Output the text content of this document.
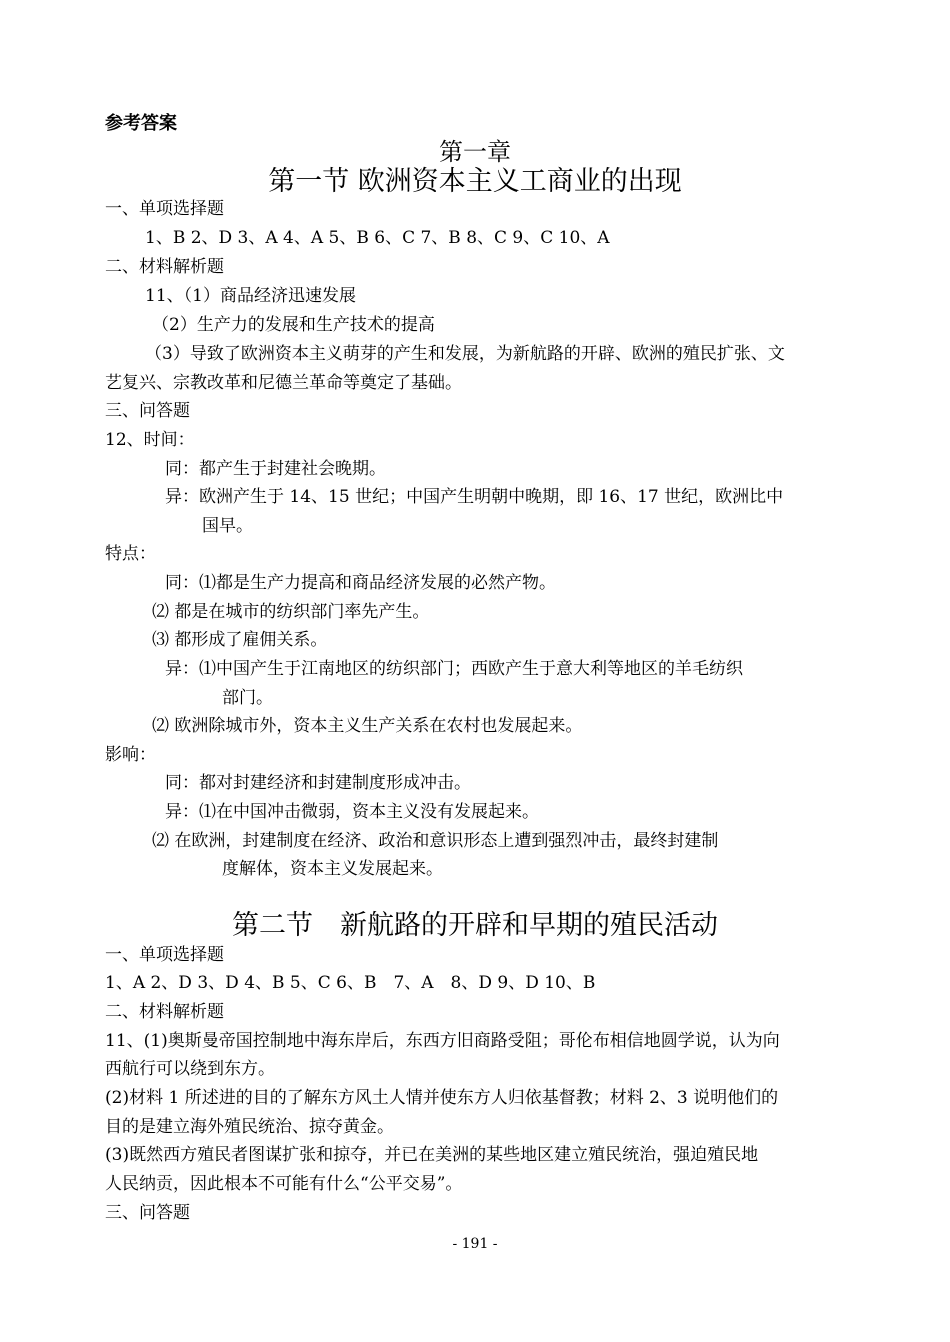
参考答案
第一章
第一节 欧洲资本主义工商业的出现
一、单项选择题
1、B 2、D 3、A 4、A 5、B 6、C 7、B 8、C 9、C 10、A
二、材料解析题
11、（1）商品经济迅速发展
（2）生产力的发展和生产技术的提高
（3）导致了欧洲资本主义萌芽的产生和发展，为新航路的开辟、欧洲的殖民扩张、文
艺复兴、宗教改革和尼德兰革命等奠定了基础。
三、问答题
12、时间：
同：都产生于封建社会晚期。
异：欧洲产生于 14、15 世纪；中国产生明朝中晚期，即 16、17 世纪，欧洲比中
国早。
特点：
同：⑴都是生产力提高和商品经济发展的必然产物。
⑵ 都是在城市的纺织部门率先产生。
⑶ 都形成了雇佣关系。
异：⑴中国产生于江南地区的纺织部门；西欧产生于意大利等地区的羊毛纺织
部门。
⑵ 欧洲除城市外，资本主义生产关系在农村也发展起来。
影响：
同：都对封建经济和封建制度形成冲击。
异：⑴在中国冲击微弱，资本主义没有发展起来。
⑵ 在欧洲，封建制度在经济、政治和意识形态上遭到强烈冲击，最终封建制
度解体，资本主义发展起来。
第二节　新航路的开辟和早期的殖民活动
一、单项选择题
1、A 2、D 3、D 4、B 5、C 6、B　7、A　8、D 9、D 10、B
二、材料解析题
11、(1)奥斯曼帝国控制地中海东岸后，东西方旧商路受阻；哥伦布相信地圆学说，认为向
西航行可以绕到东方。
(2)材料 1 所述进的目的了解东方风土人情并使东方人归依基督教；材料 2、3 说明他们的
目的是建立海外殖民统治、掠夺黄金。
(3)既然西方殖民者图谋扩张和掠夺，并已在美洲的某些地区建立殖民统治，强迫殖民地
人民纳贡，因此根本不可能有什么“公平交易”。
三、问答题
- 191 -
